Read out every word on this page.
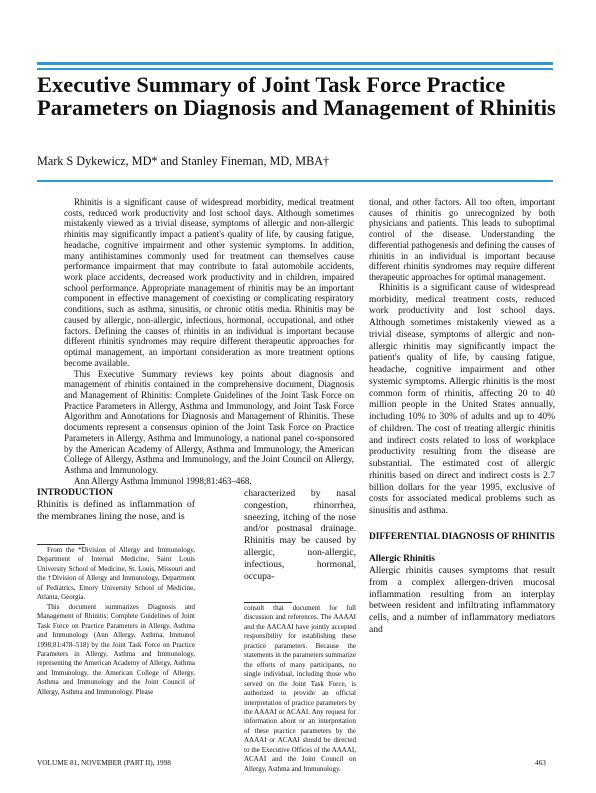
Executive Summary of Joint Task Force Practice Parameters on Diagnosis and Management of Rhinitis

Mark S Dykewicz, MD* and Stanley Fineman, MD, MBA†

Rhinitis is a significant cause of widespread morbidity, medical treatment costs, reduced work productivity and lost school days. Although sometimes mistakenly viewed as a trivial disease, symptoms of allergic and non-allergic rhinitis may significantly impact a patient's quality of life, by causing fatigue, headache, cognitive impairment and other systemic symptoms. In addition, many antihistamines commonly used for treatment can themselves cause performance impairment that may contribute to fatal automobile accidents, work place accidents, decreased work productivity and in children, impaired school performance. Appropriate management of rhinitis may be an important component in effective management of coexisting or complicating respiratory conditions, such as asthma, sinusitis, or chronic otitis media. Rhinitis may be caused by allergic, non-allergic, infectious, hormonal, occupational, and other factors. Defining the causes of rhinitis in an individual is important because different rhinitis syndromes may require different therapeutic approaches for optimal management, an important consideration as more treatment options become available.

This Executive Summary reviews key points about diagnosis and management of rhinitis contained in the comprehensive document, Diagnosis and Management of Rhinitis: Complete Guidelines of the Joint Task Force on Practice Parameters in Allergy, Asthma and Immunology, and Joint Task Force Algorithm and Annotations for Diagnosis and Management of Rhinitis. These documents represent a consensus opinion of the Joint Task Force on Practice Parameters in Allergy, Asthma and Immunology, a national panel co-sponsored by the American Academy of Allergy, Asthma and Immunology, the American College of Allergy, Asthma and Immunology, and the Joint Council on Allergy, Asthma and Immunology.

Ann Allergy Asthma Immunol 1998;81:463–468.

INTRODUCTION

Rhinitis is defined as inflammation of the membranes lining the nose, and is

From the *Division of Allergy and Immunology, Department of Internal Medicine, Saint Louis University School of Medicine, St. Louis, Missouri and the †Division of Allergy and Immunology, Department of Pediatrics, Emory University School of Medicine, Atlanta, Georgia.

This document summarizes Diagnosis and Management of Rhinitis: Complete Guidelines of Joint Task Force on Practice Parameters in Allergy, Asthma and Immunology (Ann Allergy, Asthma, Immunol 1998;81:478–518) by the Joint Task Force on Practice Parameters in Allergy, Asthma and Immunology, representing the American Academy of Allergy, Asthma and Immunology, the American College of Allergy, Asthma and Immunology and the Joint Council of Allergy, Asthma and Immunology. Please

characterized by nasal congestion, rhinorrhea, sneezing, itching of the nose and/or postnasal drainage. Rhinitis may be caused by allergic, non-allergic, infectious, hormonal, occupa-

consult that document for full discussion and references. The AAAAI and the AACAAI have jointly accepted responsibility for establishing these practice parameters. Because the statements in the parameters summarize the efforts of many participants, no single individual, including those who served on the Joint Task Force, is authorized to provide an official interpretation of practice parameters by the AAAAI or ACAAI. Any request for information about or an interpretation of these practice parameters by the AAAAI or ACAAI should be directed to the Executive Offices of the AAAAI, ACAAI and the Joint Council on Allergy, Asthma and Immunology.

tional, and other factors. All too often, important causes of rhinitis go unrecognized by both physicians and patients. This leads to suboptimal control of the disease. Understanding the differential pathogenesis and defining the causes of rhinitis in an individual is important because different rhinitis syndromes may require different therapeutic approaches for optimal management.

Rhinitis is a significant cause of widespread morbidity, medical treatment costs, reduced work productivity and lost school days. Although sometimes mistakenly viewed as a trivial disease, symptoms of allergic and non-allergic rhinitis may significantly impact the patient's quality of life, by causing fatigue, headache, cognitive impairment and other systemic symptoms. Allergic rhinitis is the most common form of rhinitis, affecting 20 to 40 million people in the United States annually, including 10% to 30% of adults and up to 40% of children. The cost of treating allergic rhinitis and indirect costs related to loss of workplace productivity resulting from the disease are substantial. The estimated cost of allergic rhinitis based on direct and indirect costs is 2.7 billion dollars for the year 1995, exclusive of costs for associated medical problems such as sinusitis and asthma.

DIFFERENTIAL DIAGNOSIS OF RHINITIS

Allergic Rhinitis

Allergic rhinitis causes symptoms that result from a complex allergen-driven mucosal inflammation resulting from an interplay between resident and infiltrating inflammatory cells, and a number of inflammatory mediators and

VOLUME 81, NOVEMBER (PART II), 1998	463
